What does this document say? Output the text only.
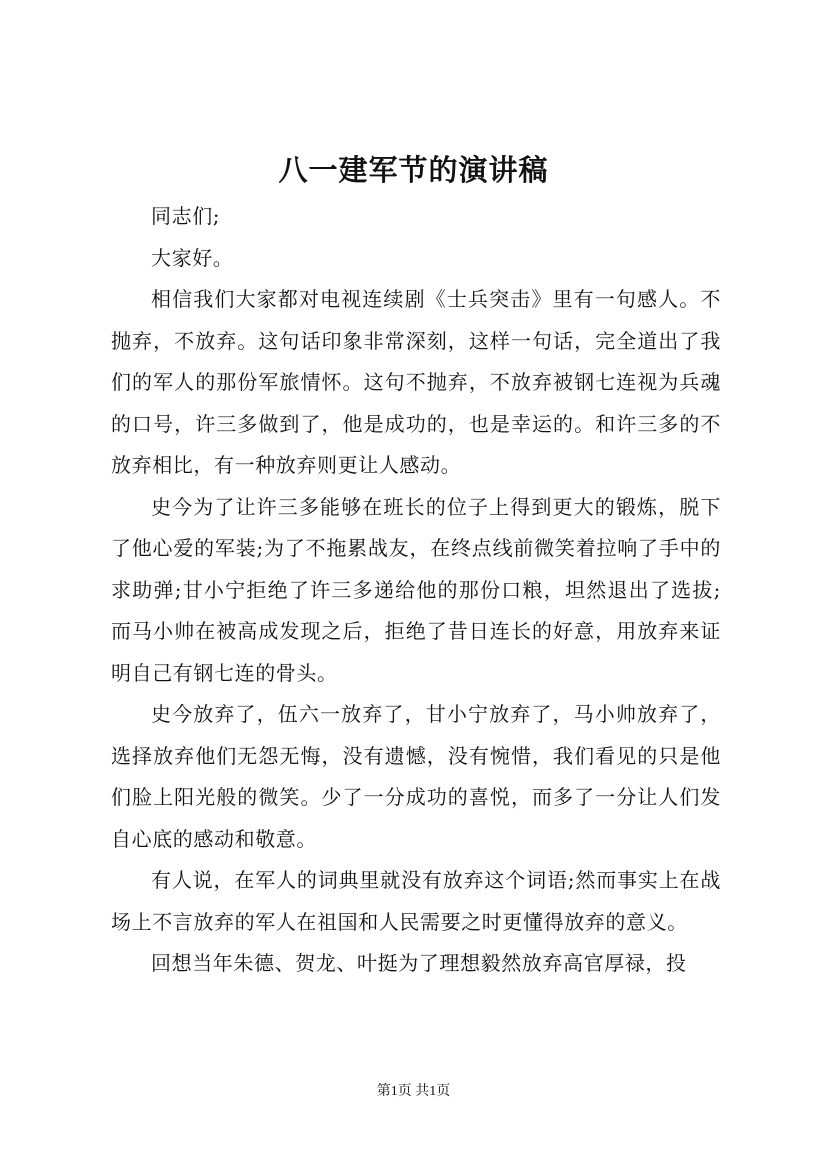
八一建军节的演讲稿

同志们;

大家好。

相信我们大家都对电视连续剧《士兵突击》里有一句感人。不抛弃，不放弃。这句话印象非常深刻，这样一句话，完全道出了我们的军人的那份军旅情怀。这句不抛弃，不放弃被钢七连视为兵魂的口号，许三多做到了，他是成功的，也是幸运的。和许三多的不放弃相比，有一种放弃则更让人感动。

史今为了让许三多能够在班长的位子上得到更大的锻炼，脱下了他心爱的军装;为了不拖累战友，在终点线前微笑着拉响了手中的求助弹;甘小宁拒绝了许三多递给他的那份口粮，坦然退出了选拔;而马小帅在被高成发现之后，拒绝了昔日连长的好意，用放弃来证明自己有钢七连的骨头。

史今放弃了，伍六一放弃了，甘小宁放弃了，马小帅放弃了，选择放弃他们无怨无悔，没有遗憾，没有惋惜，我们看见的只是他们脸上阳光般的微笑。少了一分成功的喜悦，而多了一分让人们发自心底的感动和敬意。

有人说，在军人的词典里就没有放弃这个词语;然而事实上在战场上不言放弃的军人在祖国和人民需要之时更懂得放弃的意义。

回想当年朱德、贺龙、叶挺为了理想毅然放弃高官厚禄，投

第1页 共1页
